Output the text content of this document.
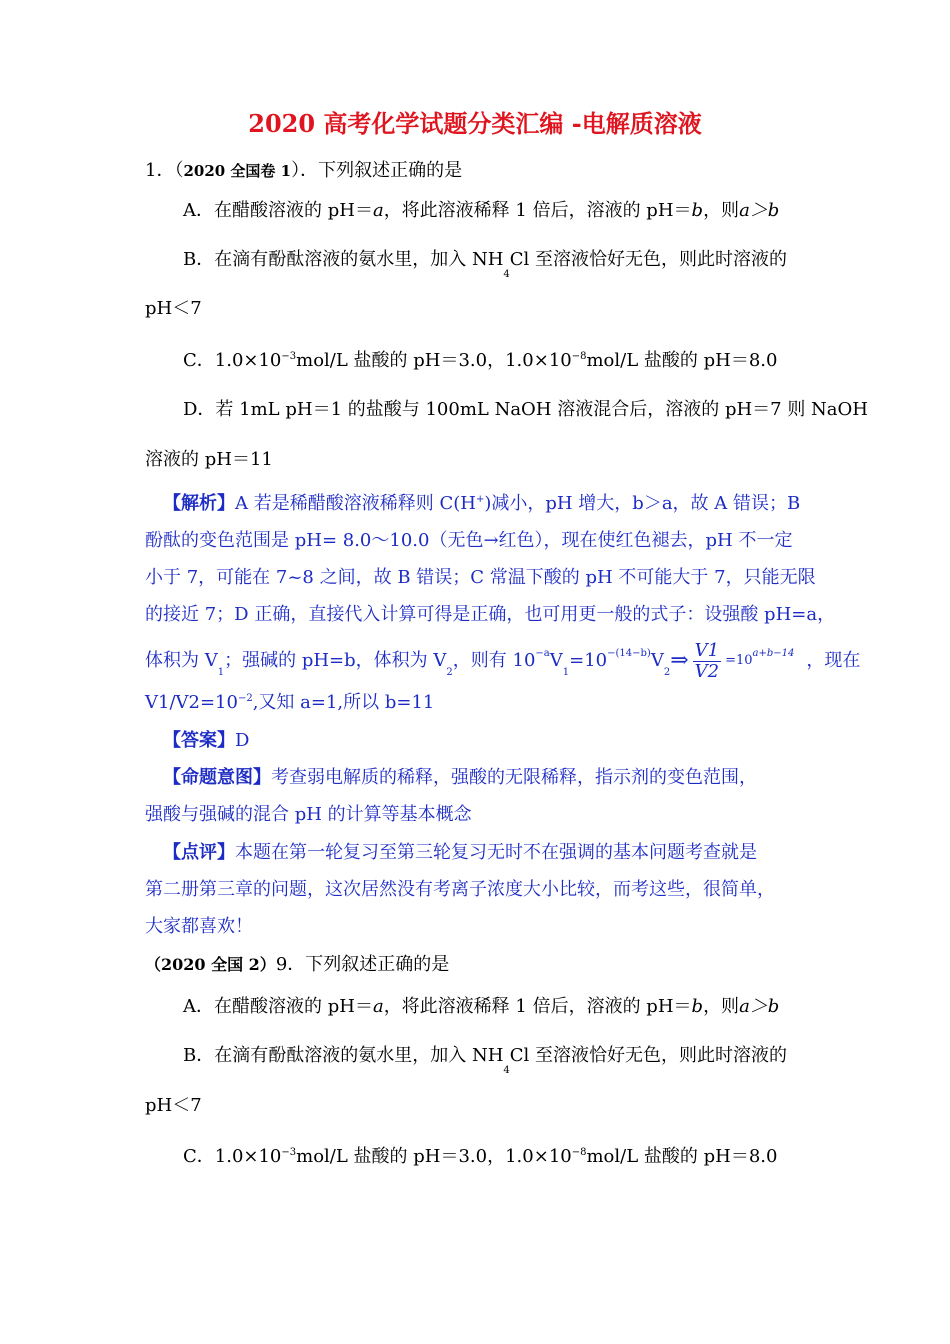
2020 高考化学试题分类汇编 -电解质溶液
1．（2020 全国卷 1）．下列叙述正确的是
A．在醋酸溶液的 pH＝a，将此溶液稀释 1 倍后，溶液的 pH＝b，则a＞b
B．在滴有酚酞溶液的氨水里，加入 $NH_4Cl$ 至溶液恰好无色，则此时溶液的
pH＜7
C．$1.0\times 10^{-3}mol/L$ 盐酸的 pH＝3.0，$1.0\times 10^{-8}mol/L$ 盐酸的 pH＝8.0
D．若 1mL pH＝1 的盐酸与 100mL NaOH 溶液混合后，溶液的 pH＝7 则 NaOH
溶液的 pH＝11
【解析】A 若是稀醋酸溶液稀释则 C(H+)减小，pH 增大，b＞a，故 A 错误；B
酚酞的变色范围是 pH= 8.0～10.0（无色→红色），现在使红色褪去，pH 不一定
小于 7，可能在 7~8 之间，故 B 错误；C 常温下酸的 pH 不可能大于 7，只能无限
的接近 7；D 正确，直接代入计算可得是正确，也可用更一般的式子：设强酸 pH=a，
体积为 V
1
；强碱的 pH=b，体积为 V
2
，则有 10 −a V
1
=10 −(14−b) V
2 ⇒ $\frac{V1}{V2} =10$ a+b−14 ，现在
$V1/V2=10^{-2}$,又知 a=1,所以 b=11
【答案】D
【命题意图】考查弱电解质的稀释，强酸的无限稀释，指示剂的变色范围，
强酸与强碱的混合 pH 的计算等基本概念
【点评】本题在第一轮复习至第三轮复习无时不在强调的基本问题考查就是
第二册第三章的问题，这次居然没有考离子浓度大小比较，而考这些，很简单，
大家都喜欢！
（2020 全国 2）9．下列叙述正确的是
A．在醋酸溶液的 pH＝a，将此溶液稀释 1 倍后，溶液的 pH＝b，则a＞b
B．在滴有酚酞溶液的氨水里，加入 $NH_4Cl$ 至溶液恰好无色，则此时溶液的
pH＜7
C．$1.0\times 10^{-3}mol/L$ 盐酸的 pH＝3.0，$1.0\times 10^{-8}mol/L$ 盐酸的 pH＝8.0
